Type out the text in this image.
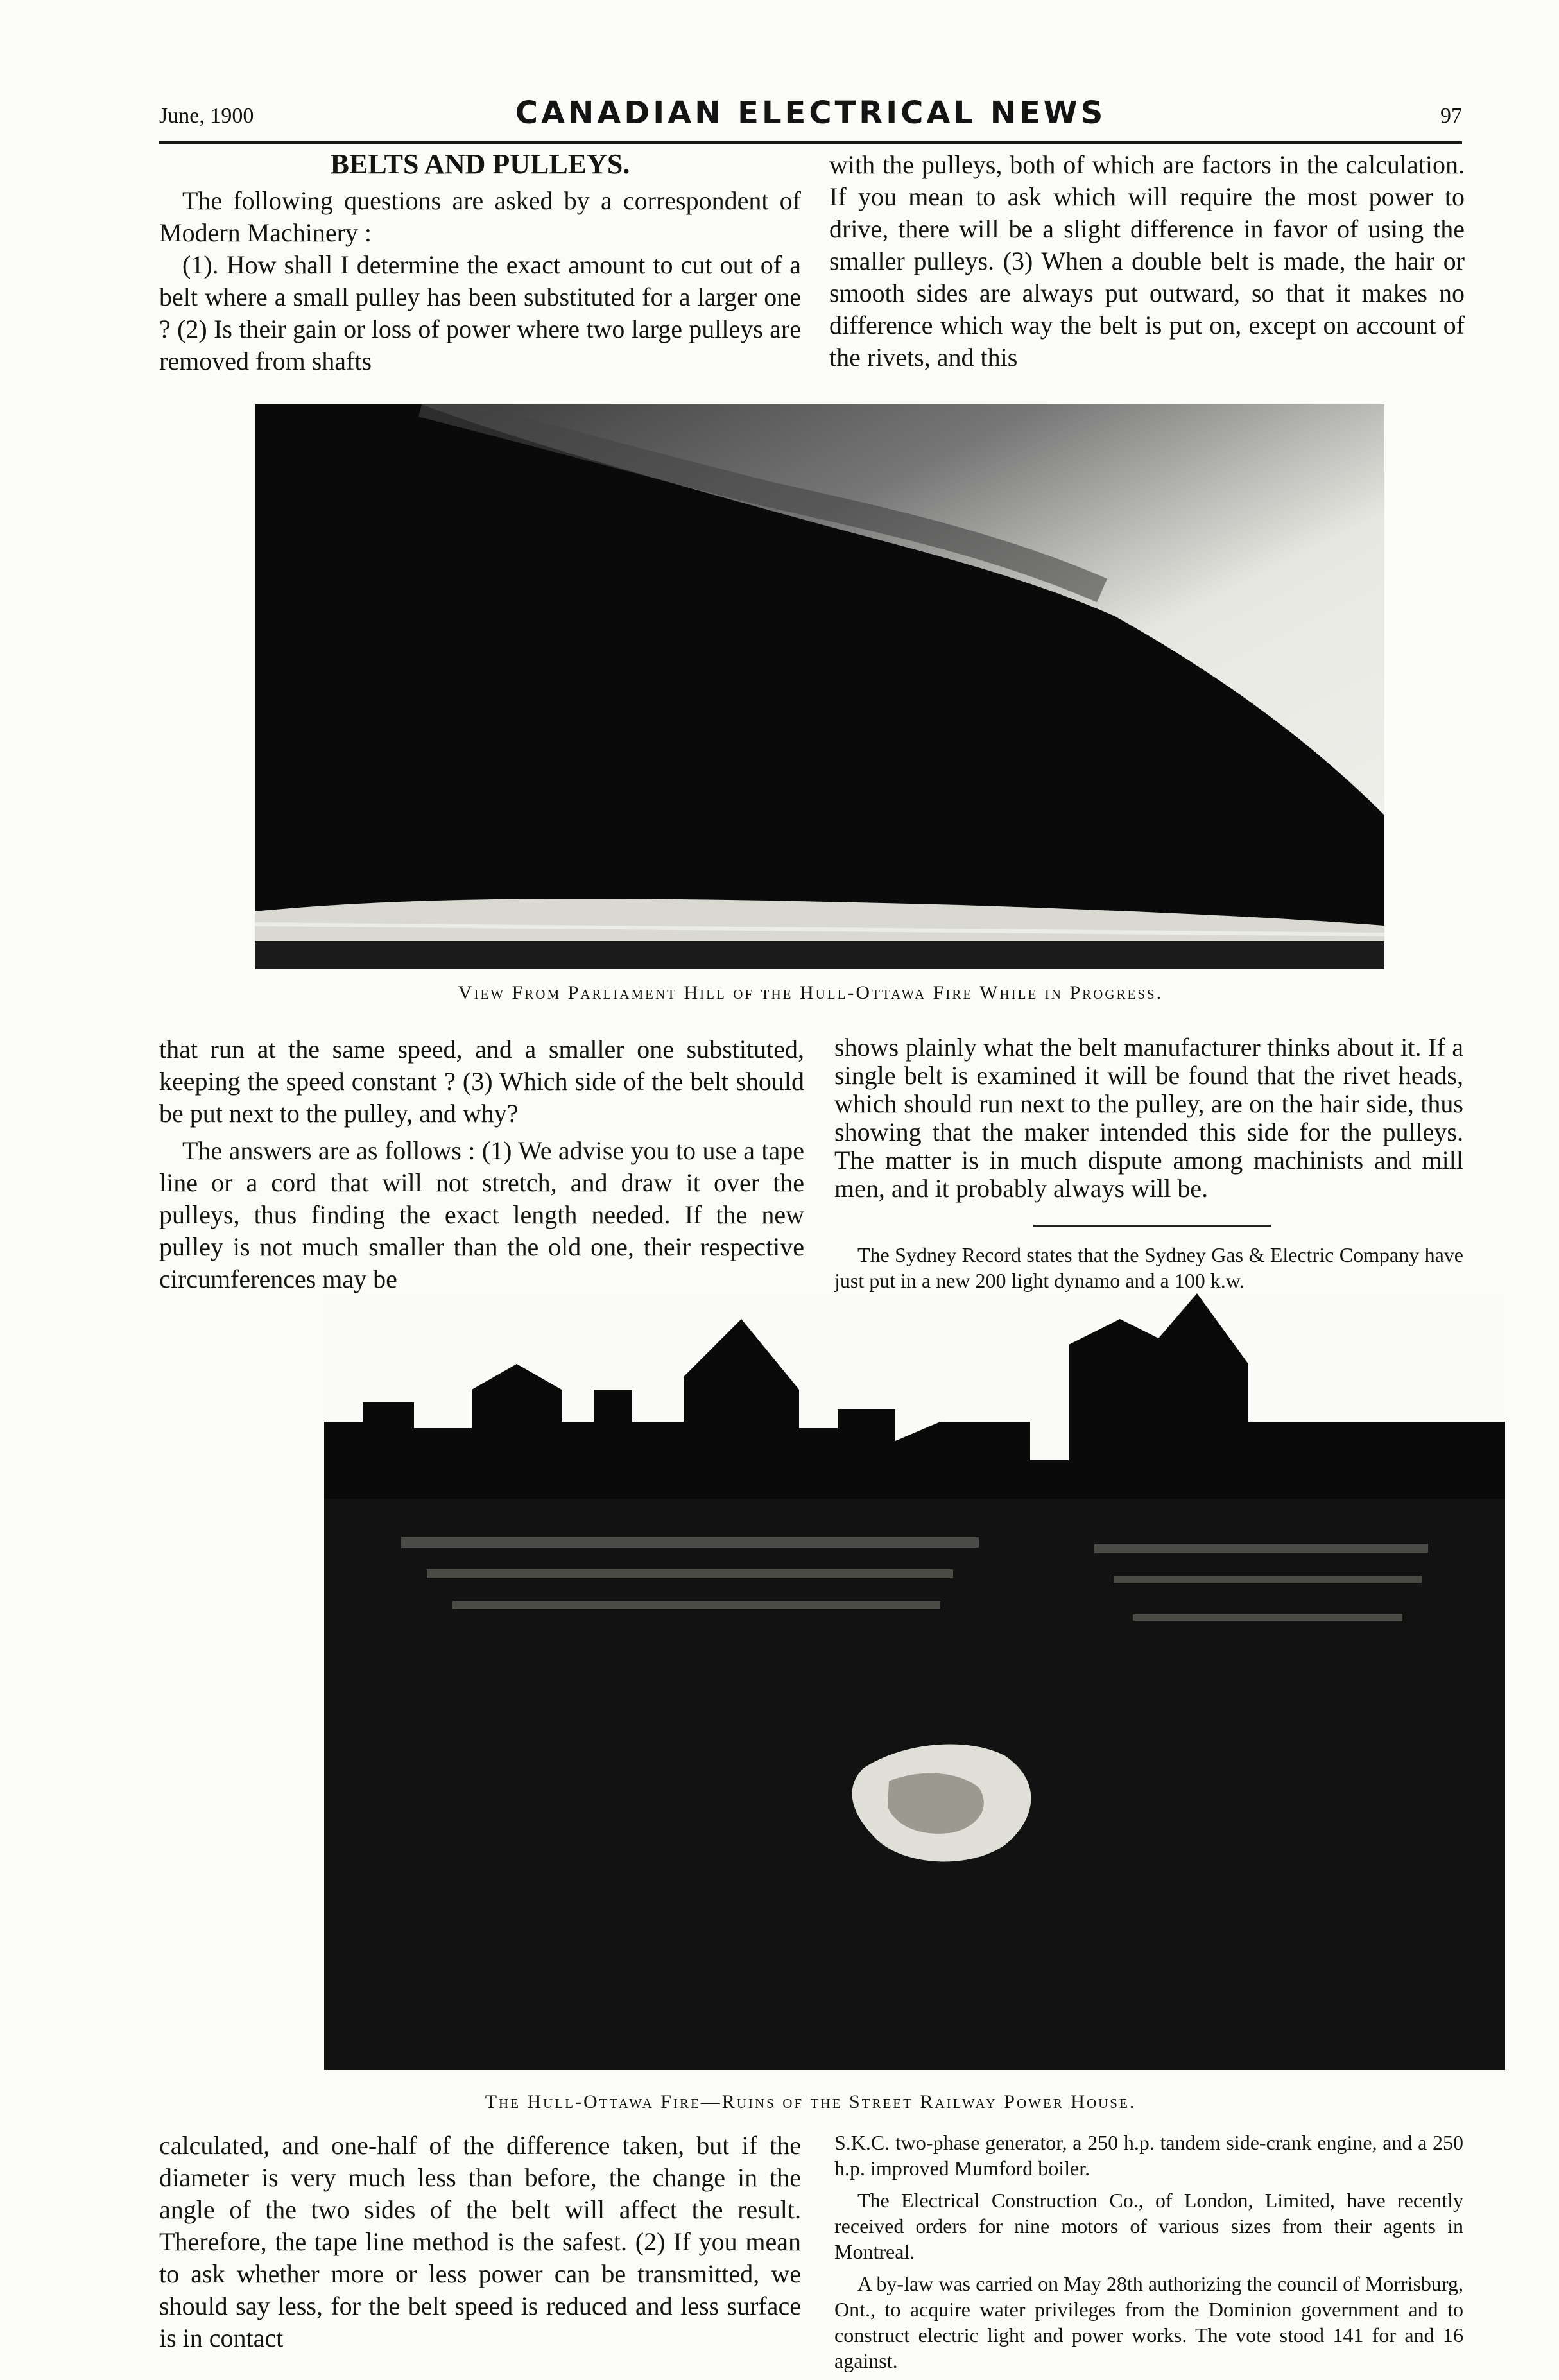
June, 1900	CANADIAN ELECTRICAL NEWS	97

BELTS AND PULLEYS.

The following questions are asked by a correspondent of Modern Machinery :

(1). How shall I determine the exact amount to cut out of a belt where a small pulley has been substituted for a larger one ? (2) Is their gain or loss of power where two large pulleys are removed from shafts

with the pulleys, both of which are factors in the calculation. If you mean to ask which will require the most power to drive, there will be a slight difference in favor of using the smaller pulleys. (3) When a double belt is made, the hair or smooth sides are always put outward, so that it makes no difference which way the belt is put on, except on account of the rivets, and this

View From Parliament Hill of the Hull-Ottawa Fire While in Progress.

that run at the same speed, and a smaller one substituted, keeping the speed constant ? (3) Which side of the belt should be put next to the pulley, and why?

The answers are as follows : (1) We advise you to use a tape line or a cord that will not stretch, and draw it over the pulleys, thus finding the exact length needed. If the new pulley is not much smaller than the old one, their respective circumferences may be

shows plainly what the belt manufacturer thinks about it. If a single belt is examined it will be found that the rivet heads, which should run next to the pulley, are on the hair side, thus showing that the maker intended this side for the pulleys. The matter is in much dispute among machinists and mill men, and it probably always will be.

The Sydney Record states that the Sydney Gas & Electric Company have just put in a new 200 light dynamo and a 100 k.w.

The Hull-Ottawa Fire—Ruins of the Street Railway Power House.

calculated, and one-half of the difference taken, but if the diameter is very much less than before, the change in the angle of the two sides of the belt will affect the result. Therefore, the tape line method is the safest. (2) If you mean to ask whether more or less power can be transmitted, we should say less, for the belt speed is reduced and less surface is in contact

S.K.C. two-phase generator, a 250 h.p. tandem side-crank engine, and a 250 h.p. improved Mumford boiler.

The Electrical Construction Co., of London, Limited, have recently received orders for nine motors of various sizes from their agents in Montreal.

A by-law was carried on May 28th authorizing the council of Morrisburg, Ont., to acquire water privileges from the Dominion government and to construct electric light and power works. The vote stood 141 for and 16 against.
